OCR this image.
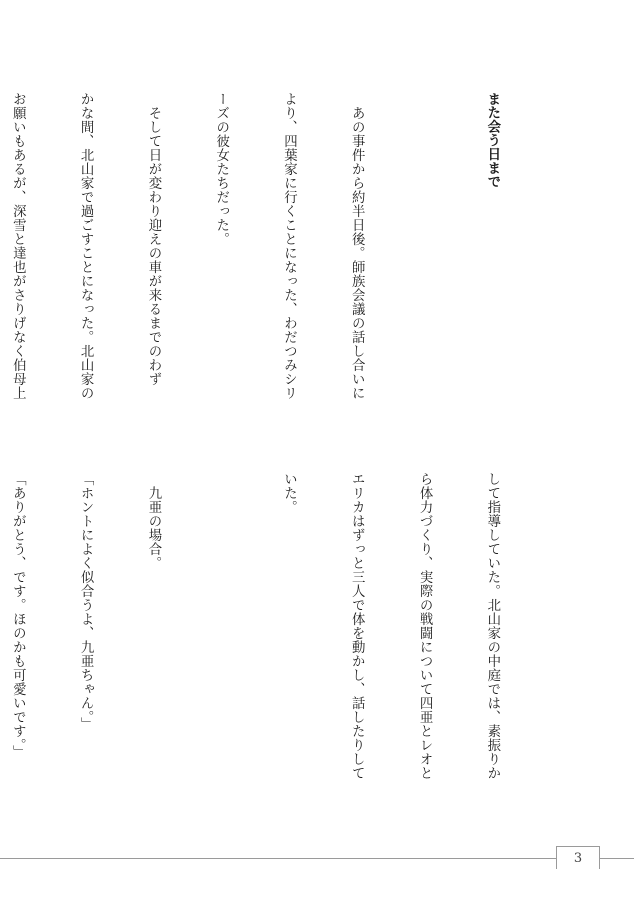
また会う日まで

　あの事件から約半日後。師族会議の話し合いに

より、四葉家に行くことになった、わだつみシリ

ーズの彼女たちだった。

　そして日が変わり迎えの車が来るまでのわず

かな間、北山家で過ごすことになった。北山家の

お願いもあるが、深雪と達也がさりげなく伯母上

して指導していた。北山家の中庭では、素振りか

ら体力づくり、実際の戦闘について四亜とレオと

エリカはずっと三人で体を動かし、話したりして

いた。

　九亜の場合。

「ホントによく似合うよ、九亜ちゃん。」

「ありがとう、です。ほのかも可愛いです。」

3
